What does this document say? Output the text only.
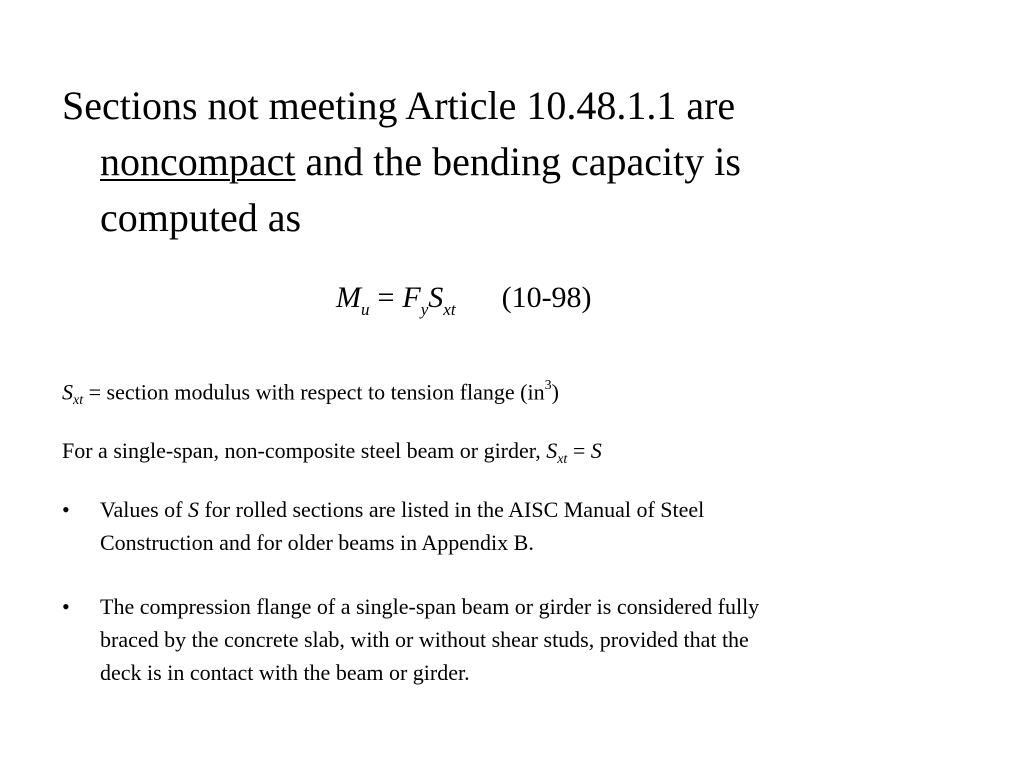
Sections not meeting Article 10.48.1.1 are
noncompact and the bending capacity is
computed as
$M_u = F_yS_{xt}$ (10-98)
$S_{xt}$ = section modulus with respect to tension flange $(in^3)$
For a single-span, non-composite steel beam or girder, $S_{xt} = S$
•	Values of S for rolled sections are listed in the AISC Manual of Steel
Construction and for older beams in Appendix B.
•	The compression flange of a single-span beam or girder is considered fully
braced by the concrete slab, with or without shear studs, provided that the
deck is in contact with the beam or girder.
